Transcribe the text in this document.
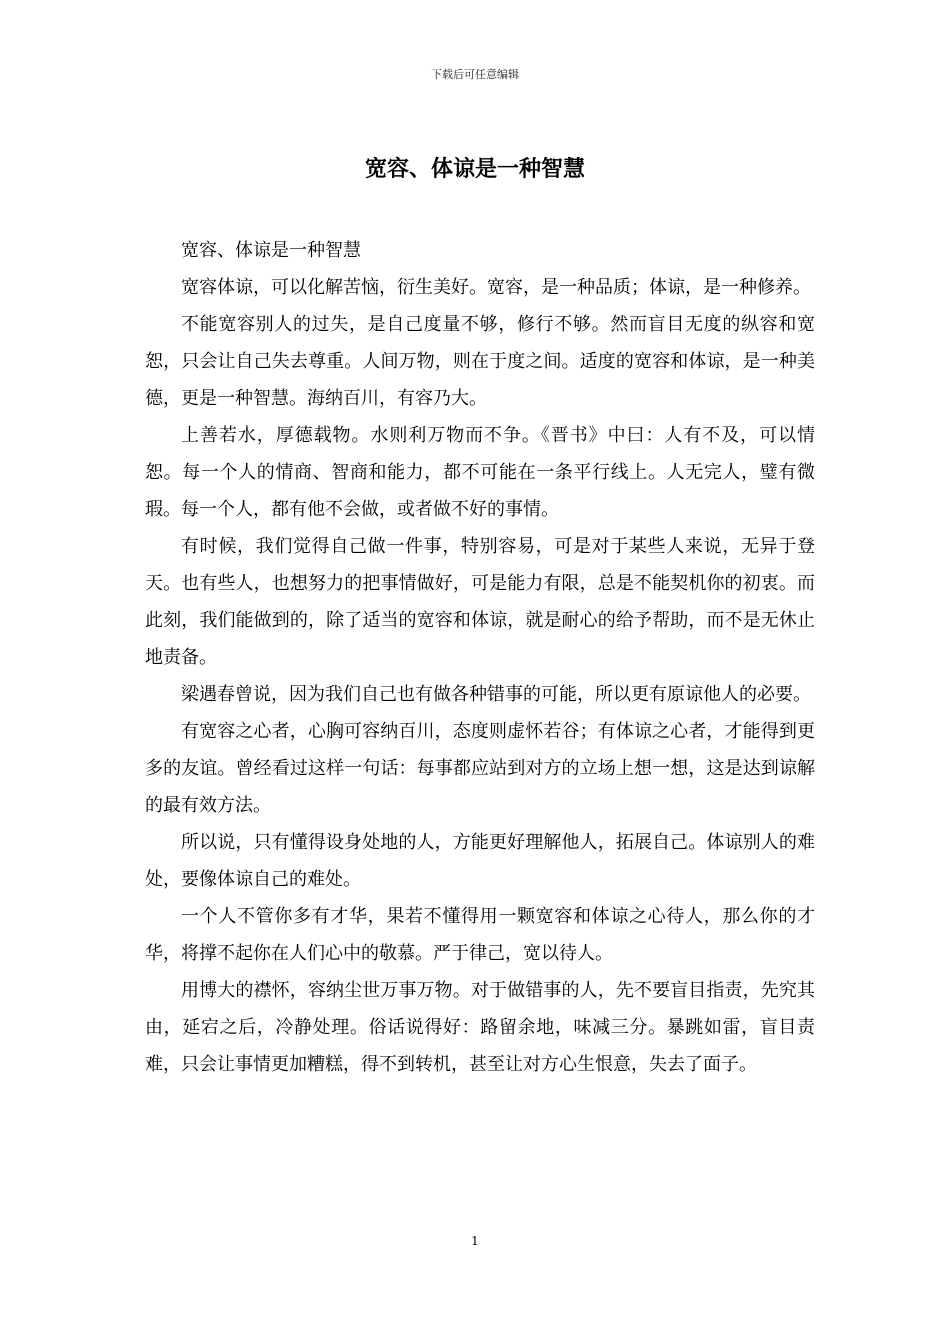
下载后可任意编辑
宽容、体谅是一种智慧

宽容、体谅是一种智慧

宽容体谅，可以化解苦恼，衍生美好。宽容，是一种品质；体谅，是一种修养。

不能宽容别人的过失，是自己度量不够，修行不够。然而盲目无度的纵容和宽恕，只会让自己失去尊重。人间万物，则在于度之间。适度的宽容和体谅，是一种美德，更是一种智慧。海纳百川，有容乃大。

上善若水，厚德载物。水则利万物而不争。《晋书》中曰：人有不及，可以情恕。每一个人的情商、智商和能力，都不可能在一条平行线上。人无完人，璧有微瑕。每一个人，都有他不会做，或者做不好的事情。

有时候，我们觉得自己做一件事，特别容易，可是对于某些人来说，无异于登天。也有些人，也想努力的把事情做好，可是能力有限，总是不能契机你的初衷。而此刻，我们能做到的，除了适当的宽容和体谅，就是耐心的给予帮助，而不是无休止地责备。

梁遇春曾说，因为我们自己也有做各种错事的可能，所以更有原谅他人的必要。

有宽容之心者，心胸可容纳百川，态度则虚怀若谷；有体谅之心者，才能得到更多的友谊。曾经看过这样一句话：每事都应站到对方的立场上想一想，这是达到谅解的最有效方法。

所以说，只有懂得设身处地的人，方能更好理解他人，拓展自己。体谅别人的难处，要像体谅自己的难处。

一个人不管你多有才华，果若不懂得用一颗宽容和体谅之心待人，那么你的才华，将撑不起你在人们心中的敬慕。严于律己，宽以待人。

用博大的襟怀，容纳尘世万事万物。对于做错事的人，先不要盲目指责，先究其由，延宕之后，冷静处理。俗话说得好：路留余地，味减三分。暴跳如雷，盲目责难，只会让事情更加糟糕，得不到转机，甚至让对方心生恨意，失去了面子。

1
